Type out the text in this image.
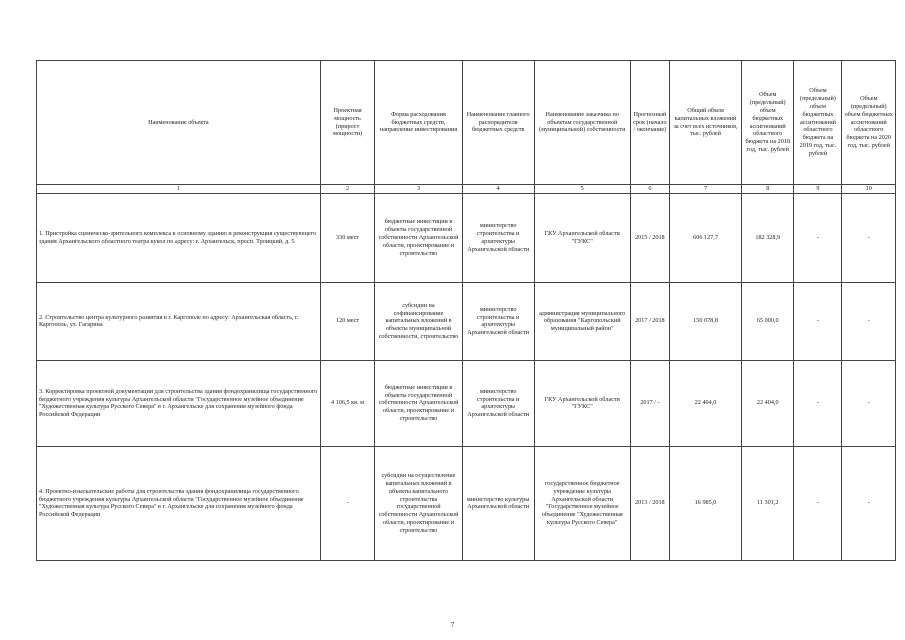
Наименование объекта	Проектная мощность (прирост мощности)	Форма расходования бюджетных средств, направление инвестирования	Наименование главного распорядителя бюджетных средств	Наименование заказчика по объектам государственной (муниципальной) собственности	Прогнозный срок (начало / окончание)	Общий объем капитальных вложений за счет всех источников, тыс. рублей	Объем (предельный) объем бюджетных ассигнований областного бюджета на 2018 год, тыс. рублей	Объем (предельный) объем бюджетных ассигнований областного бюджета на 2019 год, тыс. рублей	Объем (предельный) объем бюджетных ассигнований областного бюджета на 2020 год, тыс. рублей
1	2	3	4	5	6	7	8	9	10
1. Пристройка сценическо-зрительного комплекса к основному зданию и реконструкция существующего здания Архангельского областного театра кукол по адресу: г. Архангельск, просп. Троицкий, д. 5	330 мест	бюджетные инвестиции в объекты государственной собственности Архангельской области, проектирование и строительство	министерство строительства и архитектуры Архангельской области	ГКУ Архангельской области "ГУКС"	2015 / 2018	606 127,7	182 328,9	-	-
2. Строительство центра культурного развития в г. Каргополе по адресу: Архангельская область, г. Каргополь, ул. Гагарина	120 мест	субсидии на софинансирование капитальных вложений в объекты муниципальной собственности, строительство	министерство строительства и архитектуры Архангельской области	администрация муниципального образования "Каргопольский муниципальный район"	2017 / 2018	150 078,8	65 000,0	-	-
3. Корректировка проектной документации для строительства здания фондохранилища государственного бюджетного учреждения культуры Архангельской области "Государственное музейное объединение "Художественная культура Русского Севера" в г. Архангельске для сохранения музейного фонда Российской Федерации	4 106,5 кв. м	бюджетные инвестиции в объекты государственной собственности Архангельской области, проектирование и строительство	министерство строительства и архитектуры Архангельской области	ГКУ Архангельской области "ГУКС"	2017 / -	22 404,0	22 404,0	-	-
4. Проектно-изыскательские работы для строительства здания фондохранилища государственного бюджетного учреждения культуры Архангельской области "Государственное музейное объединение "Художественная культура Русского Севера" в г. Архангельске для сохранения музейного фонда Российской Федерации	-	субсидии на осуществление капитальных вложений в объекты капитального строительства государственной собственности Архангельской области, проектирование и строительство	министерство культуры Архангельской области	государственное бюджетное учреждение культуры Архангельской области "Государственное музейное объединение "Художественная культура Русского Севера"	2013 / 2018	16 985,0	11 301,2	-	-
7
